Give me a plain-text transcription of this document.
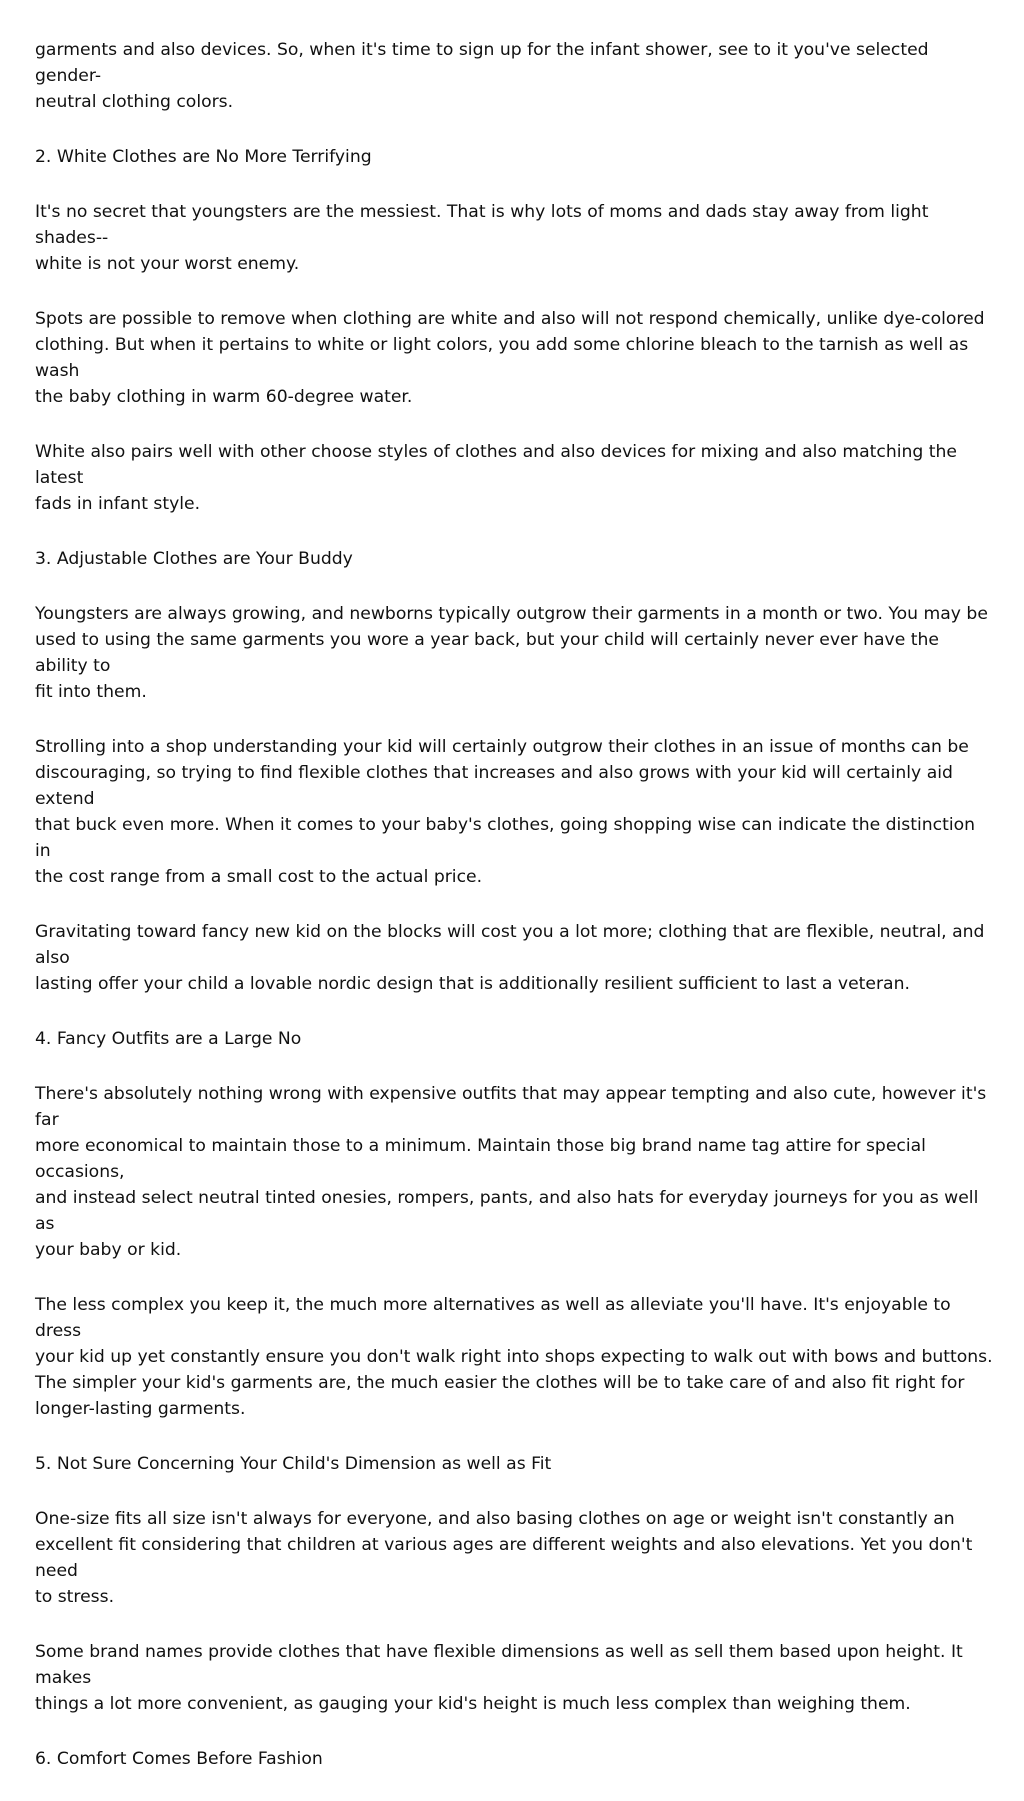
garments and also devices. So, when it's time to sign up for the infant shower, see to it you've selected gender-
neutral clothing colors.

2. White Clothes are No More Terrifying

It's no secret that youngsters are the messiest. That is why lots of moms and dads stay away from light shades--
white is not your worst enemy.

Spots are possible to remove when clothing are white and also will not respond chemically, unlike dye-colored
clothing. But when it pertains to white or light colors, you add some chlorine bleach to the tarnish as well as wash
the baby clothing in warm 60-degree water.

White also pairs well with other choose styles of clothes and also devices for mixing and also matching the latest
fads in infant style.

3. Adjustable Clothes are Your Buddy

Youngsters are always growing, and newborns typically outgrow their garments in a month or two. You may be
used to using the same garments you wore a year back, but your child will certainly never ever have the ability to
fit into them.

Strolling into a shop understanding your kid will certainly outgrow their clothes in an issue of months can be
discouraging, so trying to find flexible clothes that increases and also grows with your kid will certainly aid extend
that buck even more. When it comes to your baby's clothes, going shopping wise can indicate the distinction in
the cost range from a small cost to the actual price.

Gravitating toward fancy new kid on the blocks will cost you a lot more; clothing that are flexible, neutral, and also
lasting offer your child a lovable nordic design that is additionally resilient sufficient to last a veteran.

4. Fancy Outfits are a Large No

There's absolutely nothing wrong with expensive outfits that may appear tempting and also cute, however it's far
more economical to maintain those to a minimum. Maintain those big brand name tag attire for special occasions,
and instead select neutral tinted onesies, rompers, pants, and also hats for everyday journeys for you as well as
your baby or kid.

The less complex you keep it, the much more alternatives as well as alleviate you'll have. It's enjoyable to dress
your kid up yet constantly ensure you don't walk right into shops expecting to walk out with bows and buttons.
The simpler your kid's garments are, the much easier the clothes will be to take care of and also fit right for
longer-lasting garments.

5. Not Sure Concerning Your Child's Dimension as well as Fit

One-size fits all size isn't always for everyone, and also basing clothes on age or weight isn't constantly an
excellent fit considering that children at various ages are different weights and also elevations. Yet you don't need
to stress.

Some brand names provide clothes that have flexible dimensions as well as sell them based upon height. It makes
things a lot more convenient, as gauging your kid's height is much less complex than weighing them.

6. Comfort Comes Before Fashion
